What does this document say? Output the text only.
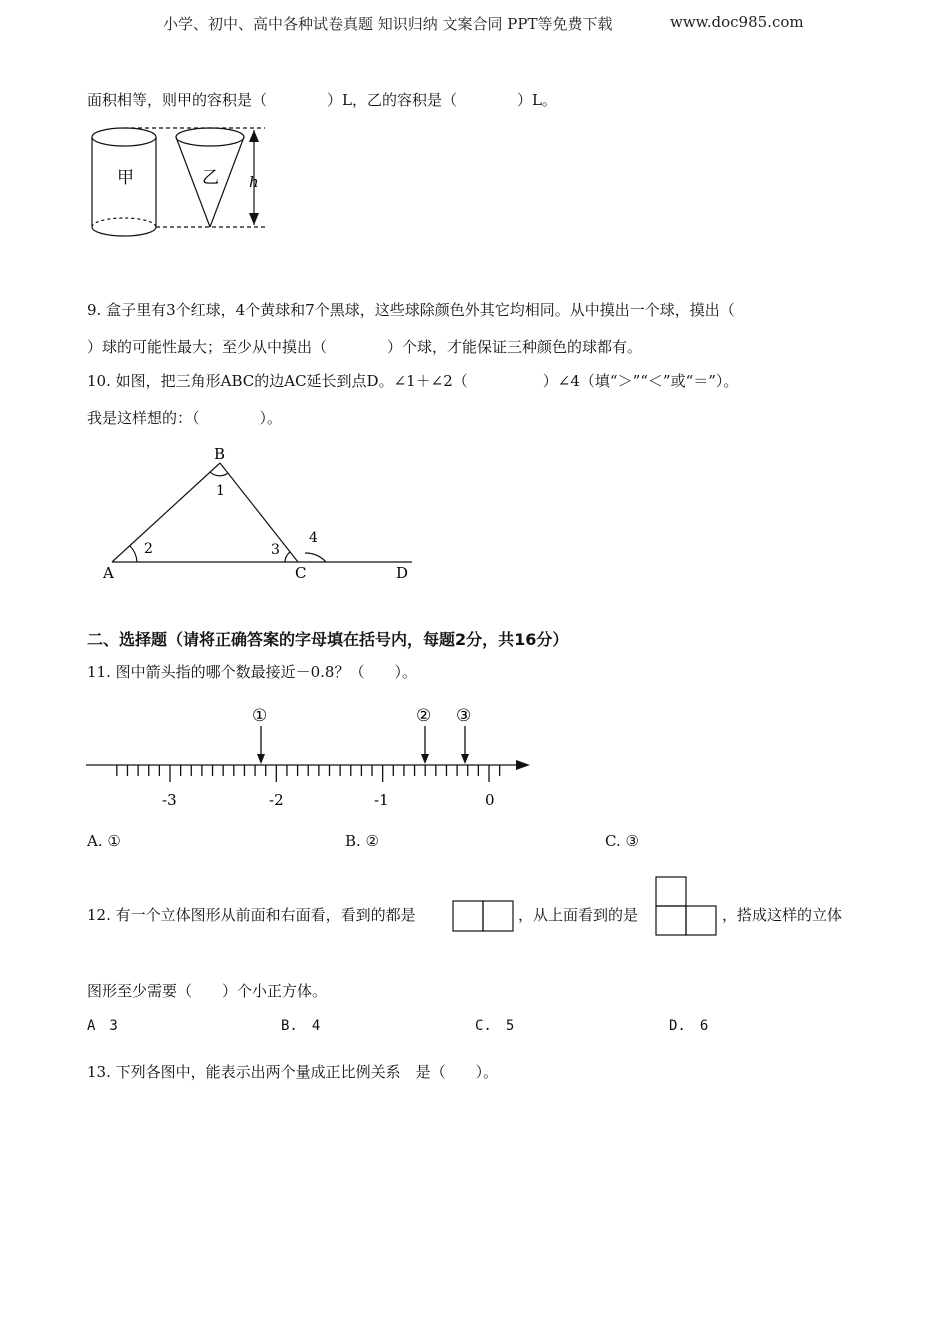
小学、初中、高中各种试卷真题 知识归纳 文案合同 PPT等免费下载	www.doc985.com
面积相等，则甲的容积是（　　　　）L，乙的容积是（　　　　）L。
甲	乙 h
9. 盒子里有3个红球，4个黄球和7个黑球，这些球除颜色外其它均相同。从中摸出一个球，摸出（
）球的可能性最大；至少从中摸出（　　　　）个球，才能保证三种颜色的球都有。
10. 如图，把三角形ABC的边AC延长到点D。∠1＋∠2（　　　　　）∠4（填“＞”“＜”或“＝”）。
我是这样想的：（　　　　）。
B
1
2	3
4
A	C	D
二、选择题（请将正确答案的字母填在括号内，每题2分，共16分）
11. 图中箭头指的哪个数最接近－0.8？（　　）。
①	② ③
-3	-2	-1	0
A. ①	B. ②	C. ③
12. 有一个立体图形从前面和右面看，看到的都是	，从上面看到的是	，搭成这样的立体
图形至少需要（　　）个小正方体。
A　3	B.　4	C.　5	D.　6
13. 下列各图中，能表示出两个量成正比例关系　是（　　）。
